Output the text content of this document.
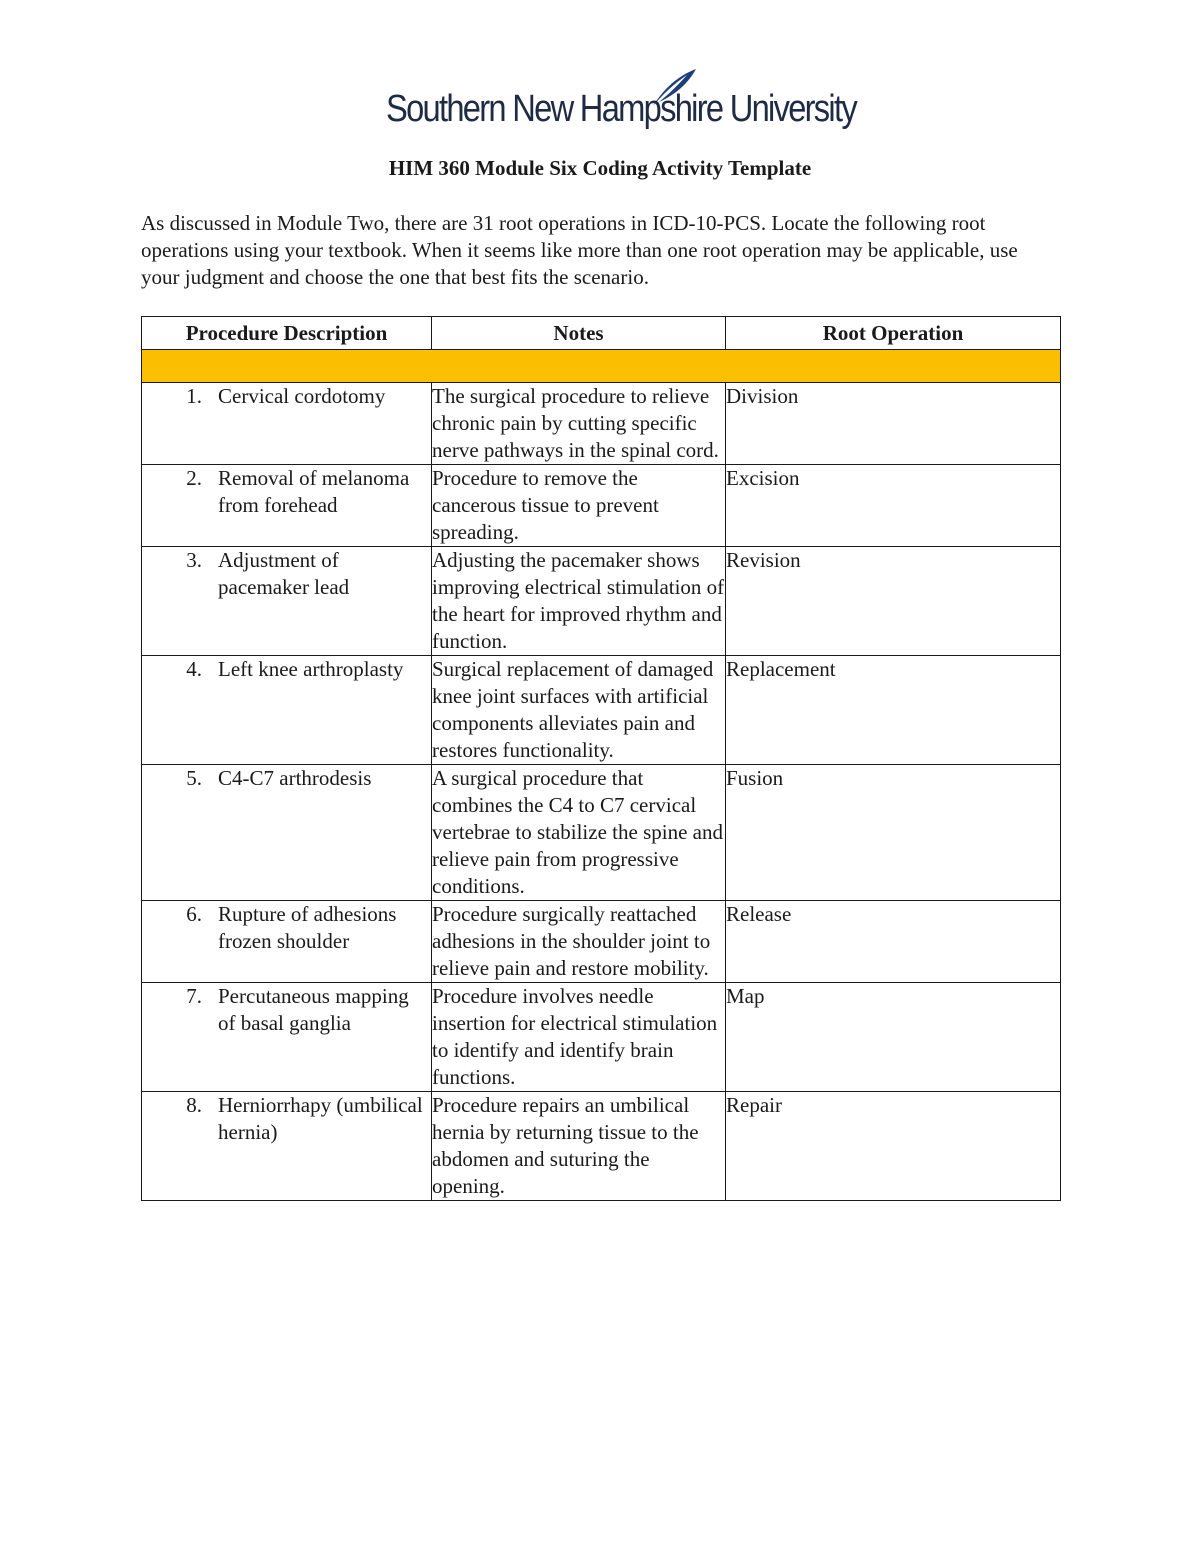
Southern New Hampshire University
HIM 360 Module Six Coding Activity Template

As discussed in Module Two, there are 31 root operations in ICD-10-PCS. Locate the following root operations using your textbook. When it seems like more than one root operation may be applicable, use your judgment and choose the one that best fits the scenario.

Procedure Description	Notes	Root Operation

1. Cervical cordotomy	The surgical procedure to relieve chronic pain by cutting specific nerve pathways in the spinal cord.	Division

2. Removal of melanoma from forehead	Procedure to remove the cancerous tissue to prevent spreading.	Excision

3. Adjustment of pacemaker lead	Adjusting the pacemaker shows improving electrical stimulation of the heart for improved rhythm and function.	Revision

4. Left knee arthroplasty	Surgical replacement of damaged knee joint surfaces with artificial components alleviates pain and restores functionality.	Replacement

5. C4-C7 arthrodesis	A surgical procedure that combines the C4 to C7 cervical vertebrae to stabilize the spine and relieve pain from progressive conditions.	Fusion

6. Rupture of adhesions frozen shoulder	Procedure surgically reattached adhesions in the shoulder joint to relieve pain and restore mobility.	Release

7. Percutaneous mapping of basal ganglia	Procedure involves needle insertion for electrical stimulation to identify and identify brain functions.	Map

8. Herniorrhapy (umbilical hernia)	Procedure repairs an umbilical hernia by returning tissue to the abdomen and suturing the opening.	Repair
